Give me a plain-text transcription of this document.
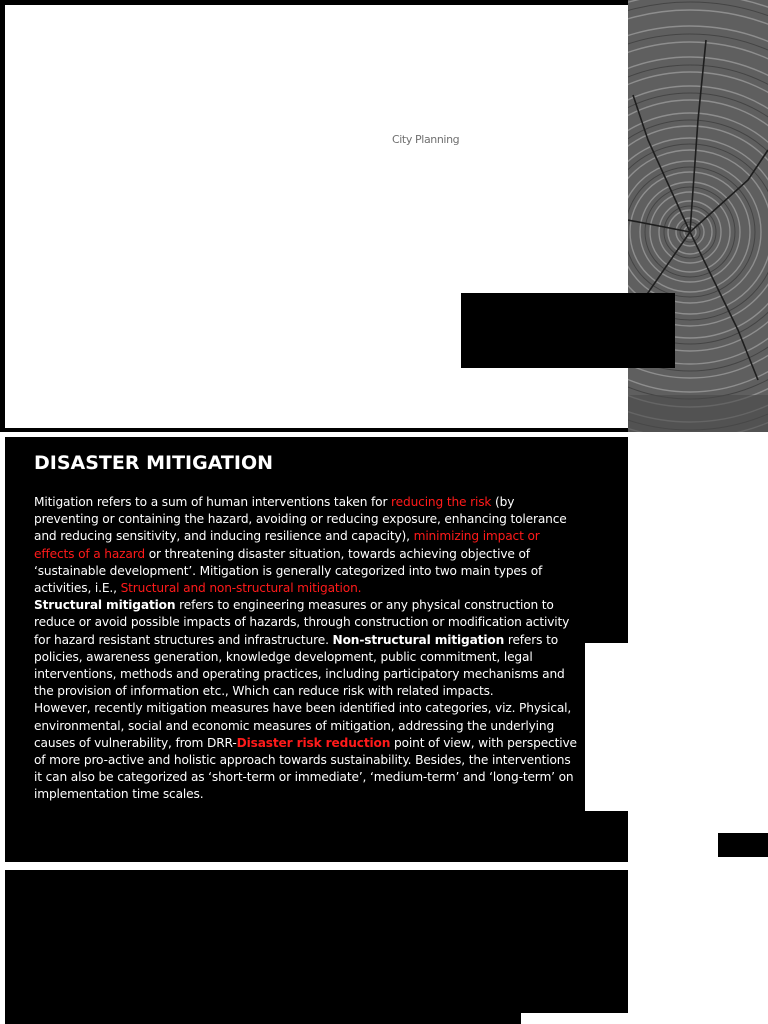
City Planning
DISASTER MITIGATION

Mitigation refers to a sum of human interventions taken for reducing the risk (by preventing or containing the hazard, avoiding or reducing exposure, enhancing tolerance and reducing sensitivity, and inducing resilience and capacity), minimizing impact or effects of a hazard or threatening disaster situation, towards achieving objective of ‘sustainable development’. Mitigation is generally categorized into two main types of activities, i.E., Structural and non-structural mitigation.

Structural mitigation refers to engineering measures or any physical construction to reduce or avoid possible impacts of hazards, through construction or modification activity for hazard resistant structures and infrastructure. Non-structural mitigation refers to policies, awareness generation, knowledge development, public commitment, legal interventions, methods and operating practices, including participatory mechanisms and the provision of information etc., Which can reduce risk with related impacts.

However, recently mitigation measures have been identified into categories, viz. Physical, environmental, social and economic measures of mitigation, addressing the underlying causes of vulnerability, from DRR-Disaster risk reduction point of view, with perspective of more pro-active and holistic approach towards sustainability. Besides, the interventions it can also be categorized as ‘short-term or immediate’, ‘medium-term’ and ‘long-term’ on implementation time scales.
